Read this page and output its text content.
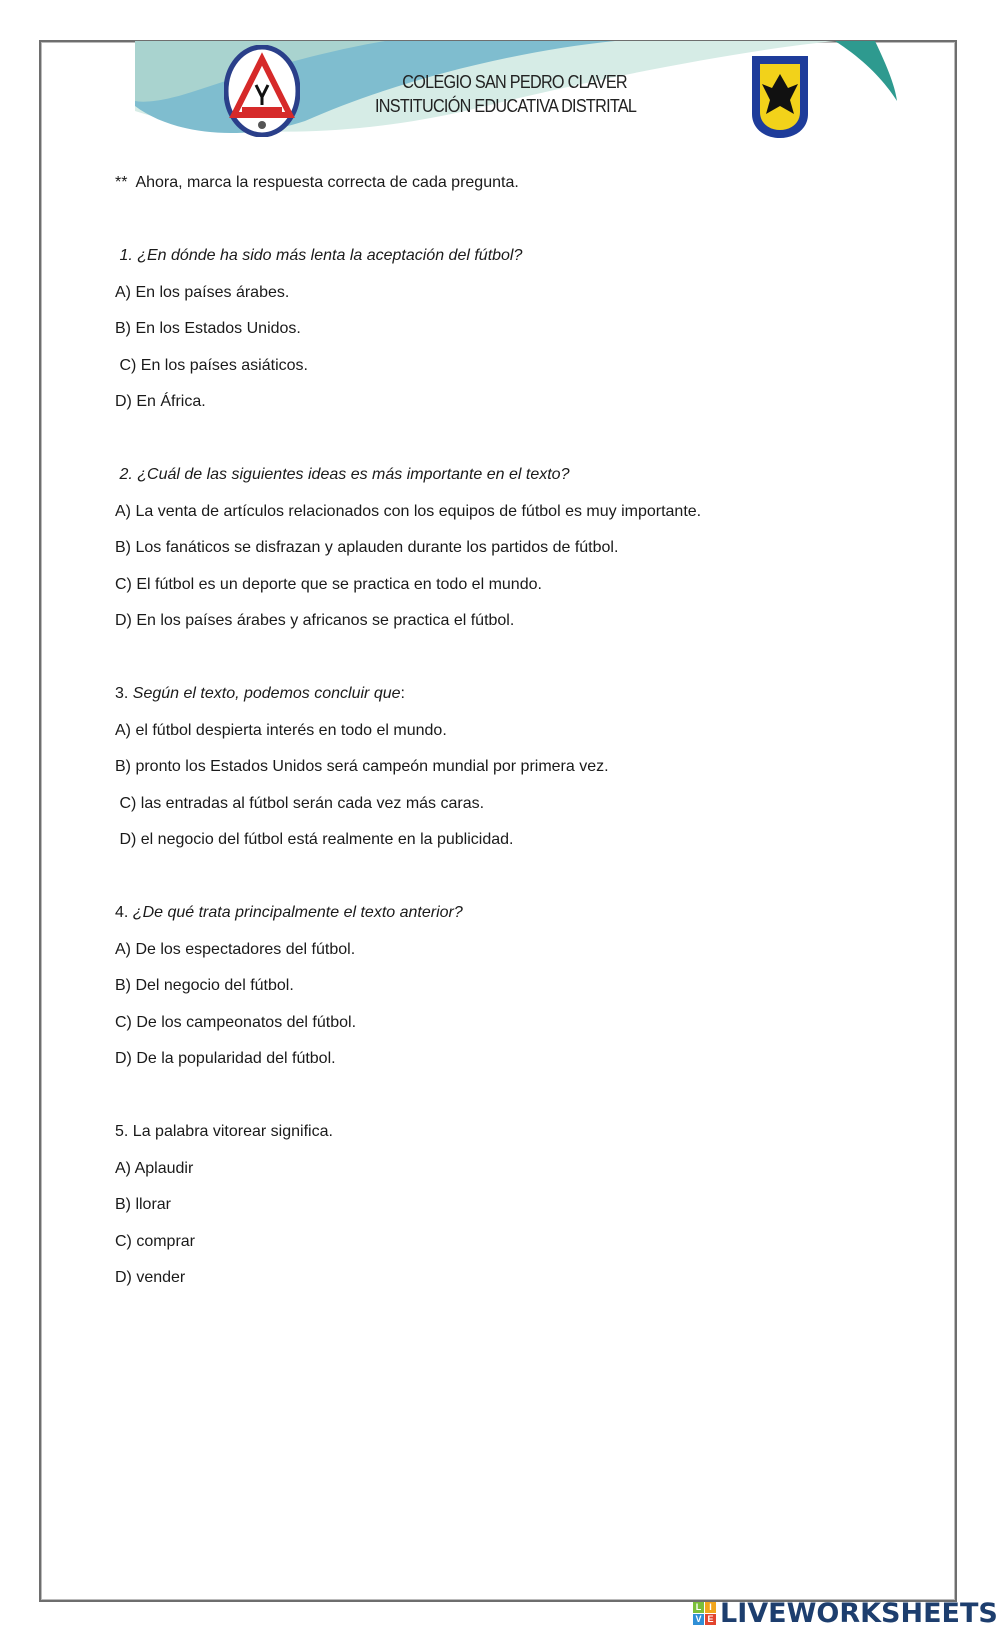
COLEGIO SAN PEDRO CLAVER
INSTITUCIÓN EDUCATIVA DISTRITAL
**  Ahora, marca la respuesta correcta de cada pregunta.
1. ¿En dónde ha sido más lenta la aceptación del fútbol?
A) En los países árabes.
B) En los Estados Unidos.
C) En los países asiáticos.
D) En África.
2. ¿Cuál de las siguientes ideas es más importante en el texto?
A) La venta de artículos relacionados con los equipos de fútbol es muy importante.
B) Los fanáticos se disfrazan y aplauden durante los partidos de fútbol.
C) El fútbol es un deporte que se practica en todo el mundo.
D) En los países árabes y africanos se practica el fútbol.
3. Según el texto, podemos concluir que:
A) el fútbol despierta interés en todo el mundo.
B) pronto los Estados Unidos será campeón mundial por primera vez.
C) las entradas al fútbol serán cada vez más caras.
D) el negocio del fútbol está realmente en la publicidad.
4. ¿De qué trata principalmente el texto anterior?
A) De los espectadores del fútbol.
B) Del negocio del fútbol.
C) De los campeonatos del fútbol.
D) De la popularidad del fútbol.
5. La palabra vitorear significa.
A) Aplaudir
B) llorar
C) comprar
D) vender
L I
V E LIVEWORKSHEETS
